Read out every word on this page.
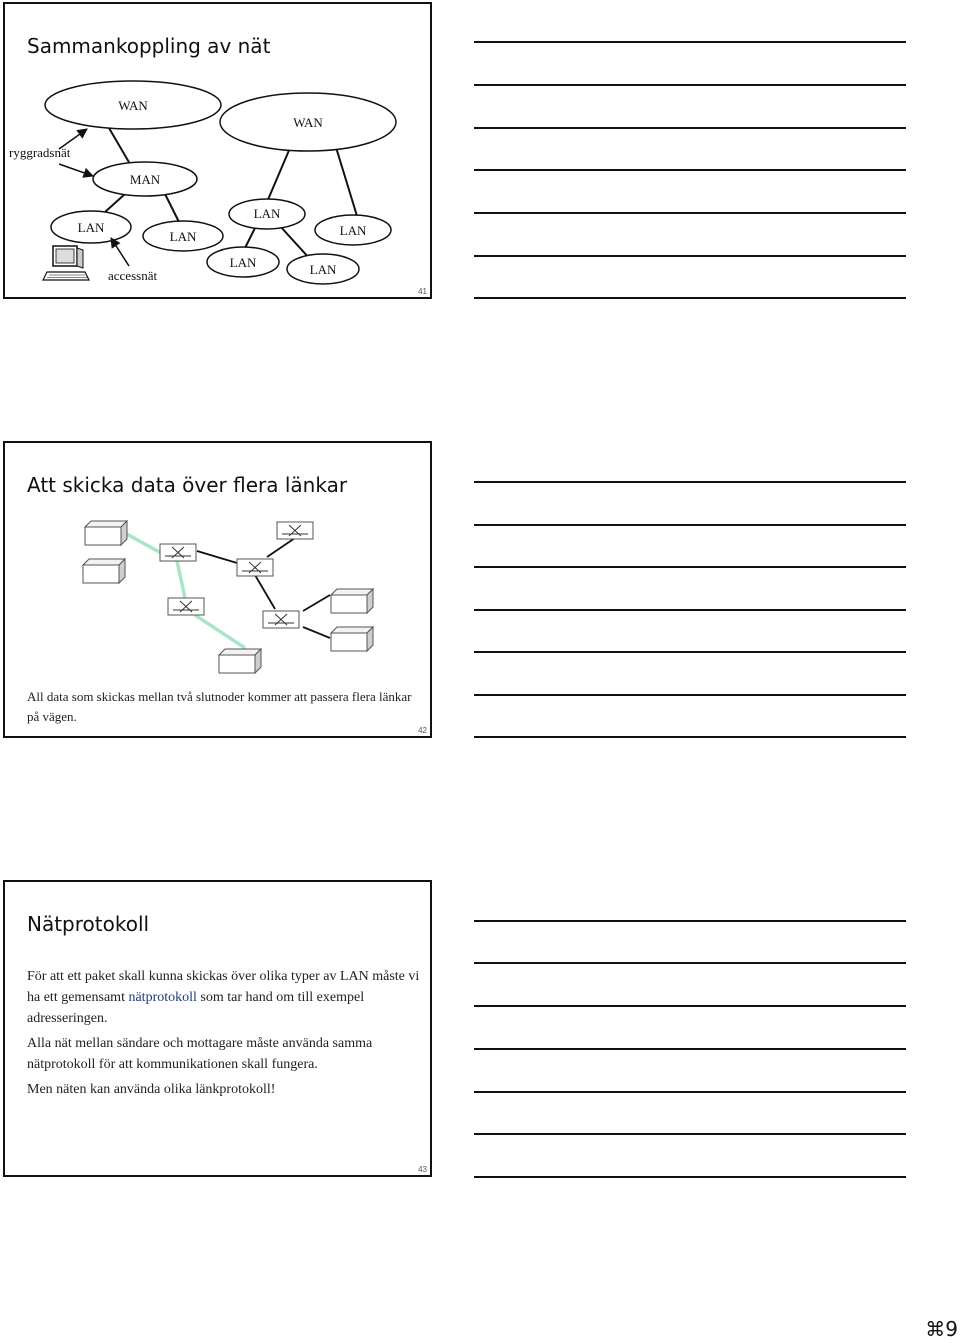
Sammankoppling av nät
WAN
WAN
MAN
LAN
LAN
LAN
LAN
LAN	LAN
ryggradsnät
accessnät
41
Att skicka data över flera länkar
All data som skickas mellan två slutnoder kommer att passera flera länkar på vägen.
42
Nätprotokoll

För att ett paket skall kunna skickas över olika typer av LAN måste vi ha ett gemensamt nätprotokoll som tar hand om till exempel adresseringen.

Alla nät mellan sändare och mottagare måste använda samma nätprotokoll för att kommunikationen skall fungera.

Men näten kan använda olika länkprotokoll!

43
⌘9
